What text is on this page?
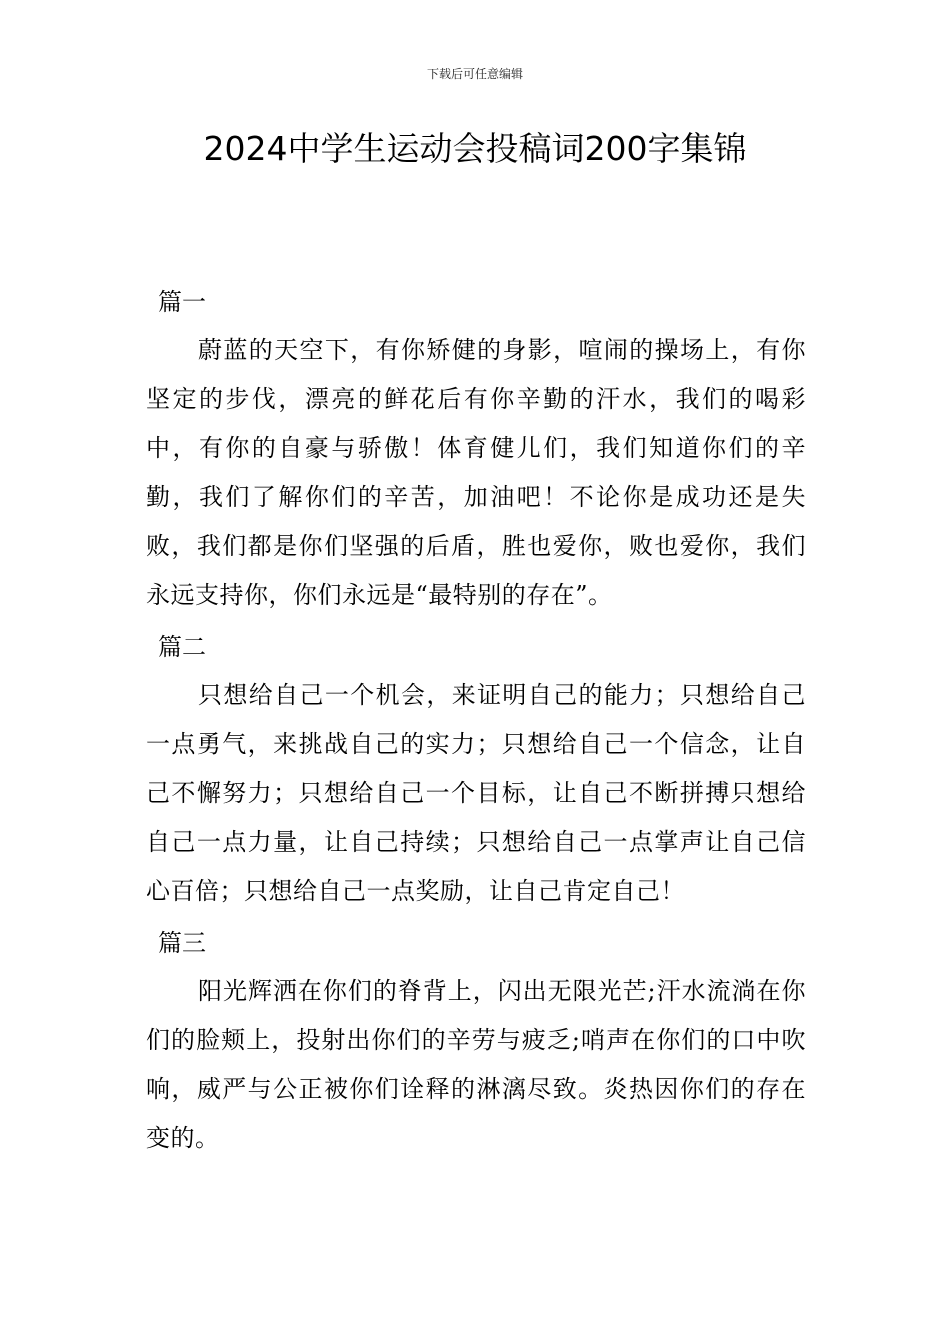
下载后可任意编辑
2024中学生运动会投稿词200字集锦
篇一

蔚蓝的天空下，有你矫健的身影，喧闹的操场上，有你坚定的步伐，漂亮的鲜花后有你辛勤的汗水，我们的喝彩中，有你的自豪与骄傲！体育健儿们，我们知道你们的辛勤，我们了解你们的辛苦，加油吧！不论你是成功还是失败，我们都是你们坚强的后盾，胜也爱你，败也爱你，我们永远支持你，你们永远是“最特别的存在”。

篇二

只想给自己一个机会，来证明自己的能力；只想给自己一点勇气，来挑战自己的实力；只想给自己一个信念，让自己不懈努力；只想给自己一个目标，让自己不断拼搏只想给自己一点力量，让自己持续；只想给自己一点掌声让自己信心百倍；只想给自己一点奖励，让自己肯定自己！

篇三

阳光辉洒在你们的脊背上，闪出无限光芒;汗水流淌在你们的脸颊上，投射出你们的辛劳与疲乏;哨声在你们的口中吹响，威严与公正被你们诠释的淋漓尽致。炎热因你们的存在变的。
